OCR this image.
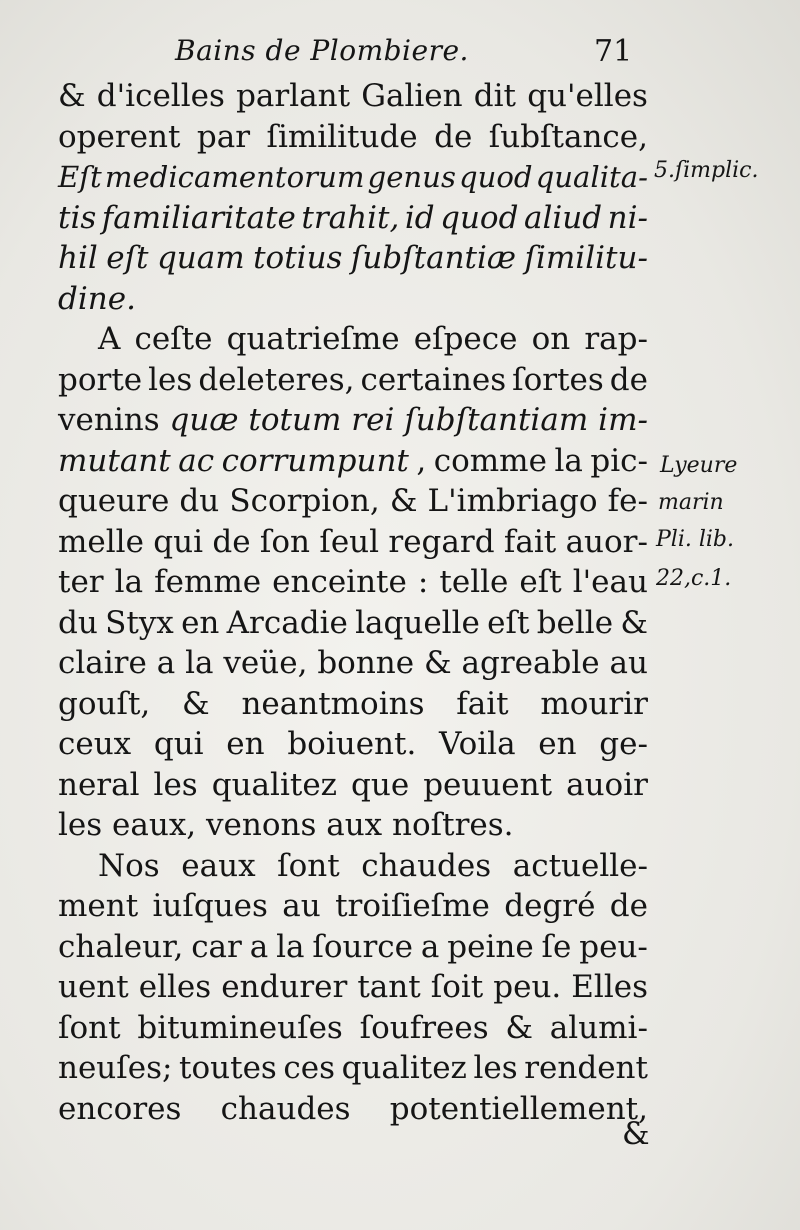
Bains de Plombiere.	71
& d'icelles parlant Galien dit qu'elles
operent par ſimilitude de ſubſtance,
Eſt medicamentorum genus quod qualita-
tis familiaritate trahit, id quod aliud ni-
hil eſt quam totius ſubſtantiæ ſimilitu-
dine.
A ceſte quatrieſme eſpece on rap-
porte les deleteres, certaines ſortes de
venins quæ totum rei ſubſtantiam im-
mutant ac corrumpunt , comme la pic-
queure du Scorpion, & L'imbriago fe-
melle qui de ſon ſeul regard fait auor-
ter la femme enceinte : telle eſt l'eau
du Styx en Arcadie laquelle eſt belle &
claire a la veüe, bonne & agreable au
gouſt, & neantmoins fait mourir
ceux qui en boiuent. Voila en ge-
neral les qualitez que peuuent auoir
les eaux, venons aux noſtres.
Nos eaux ſont chaudes actuelle-
ment iuſques au troiſieſme degré de
chaleur, car a la ſource a peine ſe peu-
uent elles endurer tant ſoit peu. Elles
ſont bitumineuſes ſoufrees & alumi-
neuſes; toutes ces qualitez les rendent
encores chaudes potentiellement,
5.ſimplic.
Lyeure
marin
Pli. lib.
22,c.1.
&
